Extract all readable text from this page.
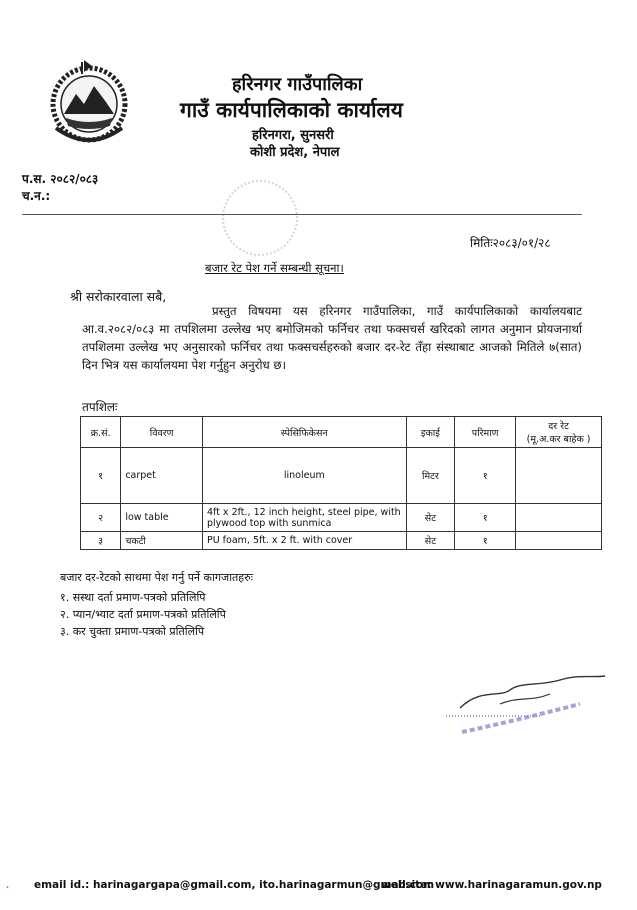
हरिनगर गाउँपालिका
गाउँ कार्यपालिकाको कार्यालय
हरिनगरा, सुनसरी
कोशी प्रदेश, नेपाल
प.स. २०८२/०८३
च.न.:
मितिः२०८३/०१/२८
बजार रेट पेश गर्ने सम्बन्धी सूचना।
श्री सरोकारवाला सबै,
प्रस्तुत विषयमा यस हरिनगर गाउँपालिका, गाउँ कार्यपालिकाको कार्यालयबाट आ.व.२०८२/०८३ मा तपशिलमा उल्लेख भए बमोजिमको फर्निचर तथा फक्सचर्स खरिदको लागत अनुमान प्रोयजनार्था तपशिलमा उल्लेख भए अनुसारको फर्निचर तथा फक्सचर्सहरुको बजार दर-रेट तँहा संस्थाबाट आजको मितिले ७(सात) दिन भित्र यस कार्यालयमा पेश गर्नुहुन अनुरोध छ।
तपशिलः
क्र.सं.	विवरण	स्पेसिफिकेसन	इकाई	परिमाण	दर रेट
(मू.अ.कर बाहेक )

१	carpet	linoleum	मिटर	१	
२	low table	4ft x 2ft., 12 inch height, steel pipe, with plywood top with sunmica	सेट	१	
३	चकटी	PU foam, 5ft. x 2 ft. with cover	सेट	१	
बजार दर-रेटको साथमा पेश गर्नु पर्ने कागजातहरुः
१. सस्था दर्ता प्रमाण-पत्रको प्रतिलिपि
२. प्यान/भ्याट दर्ता प्रमाण-पत्रको प्रतिलिपि
३. कर चुक्ता प्रमाण-पत्रको प्रतिलिपि
˛ email id.: harinagargapa@gmail.com, ito.harinagarmun@gmail.com
website: www.harinagaramun.gov.np
